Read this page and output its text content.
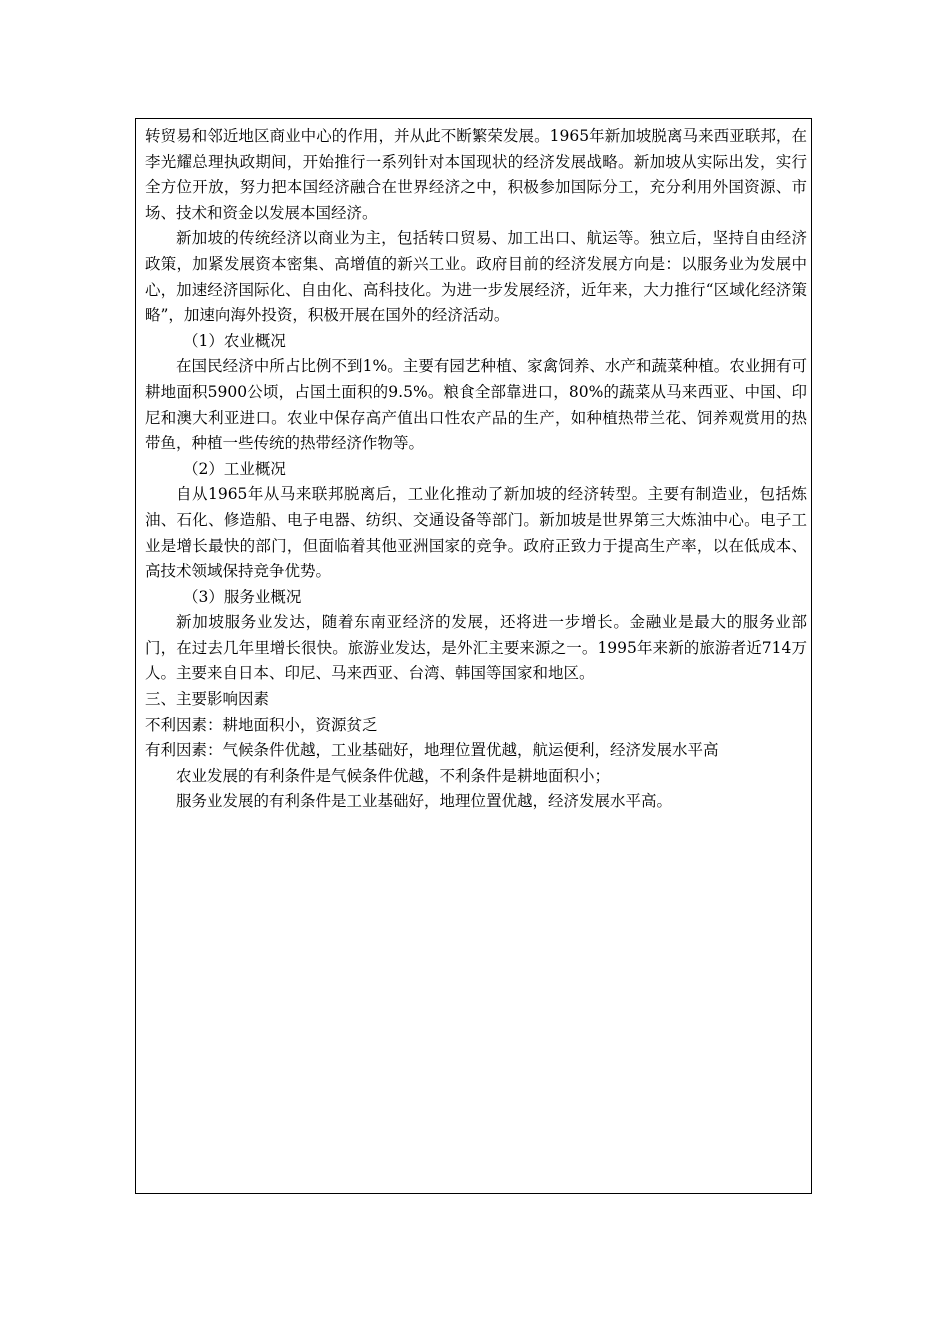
转贸易和邻近地区商业中心的作用，并从此不断繁荣发展。1965年新加坡脱离马来西亚联邦，在李光耀总理执政期间，开始推行一系列针对本国现状的经济发展战略。新加坡从实际出发，实行全方位开放，努力把本国经济融合在世界经济之中，积极参加国际分工，充分利用外国资源、市场、技术和资金以发展本国经济。

新加坡的传统经济以商业为主，包括转口贸易、加工出口、航运等。独立后，坚持自由经济政策，加紧发展资本密集、高增值的新兴工业。政府目前的经济发展方向是：以服务业为发展中心，加速经济国际化、自由化、高科技化。为进一步发展经济，近年来，大力推行“区域化经济策略”，加速向海外投资，积极开展在国外的经济活动。

（1）农业概况

在国民经济中所占比例不到1%。主要有园艺种植、家禽饲养、水产和蔬菜种植。农业拥有可耕地面积5900公顷，占国土面积的9.5%。粮食全部靠进口，80%的蔬菜从马来西亚、中国、印尼和澳大利亚进口。农业中保存高产值出口性农产品的生产，如种植热带兰花、饲养观赏用的热带鱼，种植一些传统的热带经济作物等。

（2）工业概况

自从1965年从马来联邦脱离后，工业化推动了新加坡的经济转型。主要有制造业，包括炼油、石化、修造船、电子电器、纺织、交通设备等部门。新加坡是世界第三大炼油中心。电子工业是增长最快的部门，但面临着其他亚洲国家的竞争。政府正致力于提高生产率，以在低成本、高技术领域保持竞争优势。

（3）服务业概况

新加坡服务业发达，随着东南亚经济的发展，还将进一步增长。金融业是最大的服务业部门，在过去几年里增长很快。旅游业发达，是外汇主要来源之一。1995年来新的旅游者近714万人。主要来自日本、印尼、马来西亚、台湾、韩国等国家和地区。

三、主要影响因素

不利因素：耕地面积小，资源贫乏

有利因素：气候条件优越，工业基础好，地理位置优越，航运便利，经济发展水平高

农业发展的有利条件是气候条件优越，不利条件是耕地面积小；

服务业发展的有利条件是工业基础好，地理位置优越，经济发展水平高。
